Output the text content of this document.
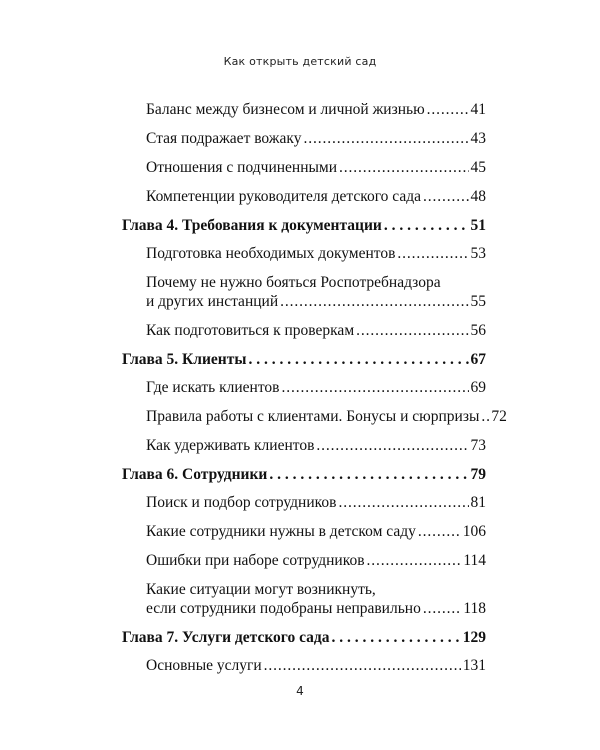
Как открыть детский сад
Баланс между бизнесом и личной жизнью . . .	41
Стая подражает вожаку . . .	43
Отношения с подчиненными . . .	45
Компетенции руководителя детского сада . . .	48
Глава 4. Требования к документации . . .	51
Подготовка необходимых документов . . .	53
Почему не нужно бояться Роспотребнадзора
и других инстанций . . .	55
Как подготовиться к проверкам . . .	56
Глава 5. Клиенты . . .	67
Где искать клиентов . . .	69
Правила работы с клиентами. Бонусы и сюрпризы . . . 72
Как удерживать клиентов . . .	73
Глава 6. Сотрудники . . .	79
Поиск и подбор сотрудников . . .	81
Какие сотрудники нужны в детском саду . . .	106
Ошибки при наборе сотрудников . . .	114
Какие ситуации могут возникнуть,
если сотрудники подобраны неправильно . . .	118
Глава 7. Услуги детского сада . . .	129
Основные услуги . . .	131
4
